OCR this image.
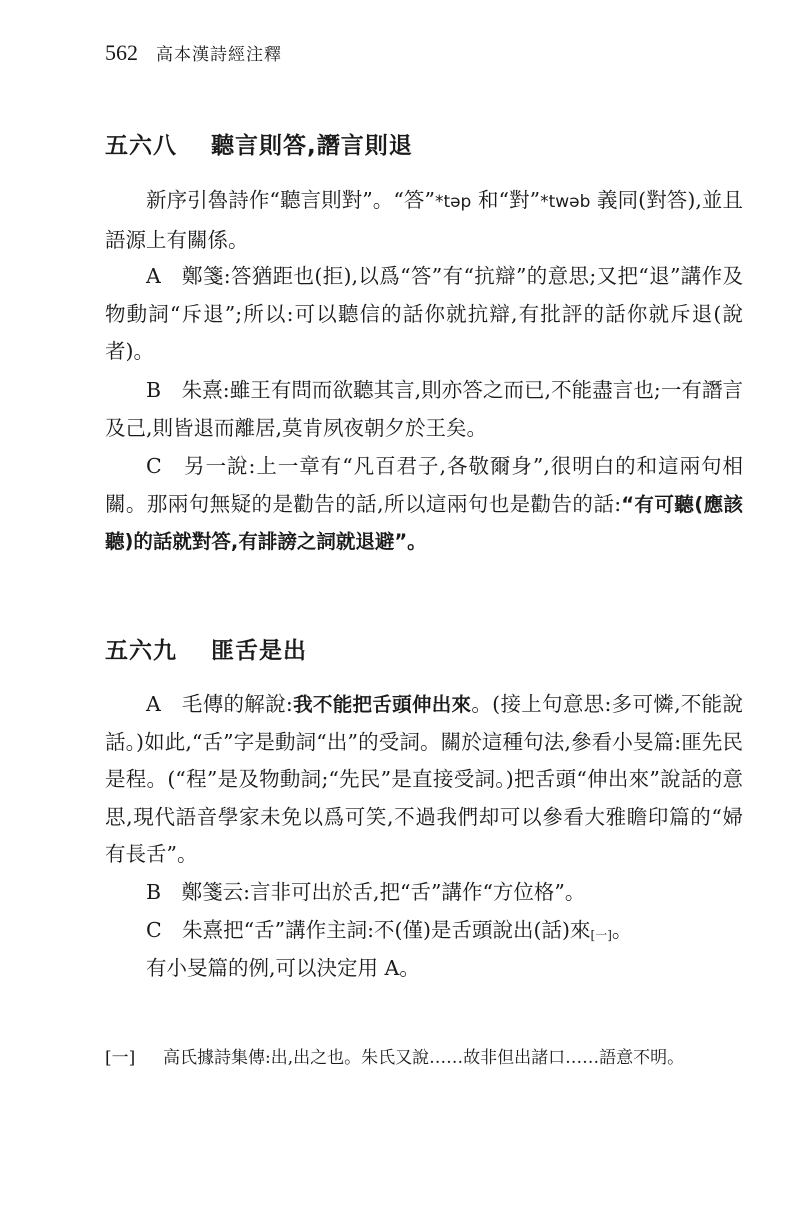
562 高本漢詩經注釋
五六八 聽言則答,譖言則退

新序引魯詩作“聽言則對”。“答”*təp 和“對”*twəb 義同(對答),並且語源上有關係。

A　鄭箋:答猶距也(拒),以爲“答”有“抗辯”的意思;又把“退”講作及物動詞“斥退”;所以:可以聽信的話你就抗辯,有批評的話你就斥退(說者)。

B　朱熹:雖王有問而欲聽其言,則亦答之而已,不能盡言也;一有譖言及己,則皆退而離居,莫肯夙夜朝夕於王矣。

C　另一說:上一章有“凡百君子,各敬爾身”,很明白的和這兩句相關。那兩句無疑的是勸告的話,所以這兩句也是勸告的話:“有可聽(應該聽)的話就對答,有誹謗之詞就退避”。

五六九 匪舌是出

A　毛傳的解說:我不能把舌頭伸出來。(接上句意思:多可憐,不能說話。)如此,“舌”字是動詞“出”的受詞。關於這種句法,參看小旻篇:匪先民是程。(“程”是及物動詞;“先民”是直接受詞。)把舌頭“伸出來”說話的意思,現代語音學家未免以爲可笑,不過我們却可以參看大雅瞻印篇的“婦有長舌”。

B　鄭箋云:言非可出於舌,把“舌”講作“方位格”。

C　朱熹把“舌”講作主詞:不(僅)是舌頭說出(話)來[一]。

有小旻篇的例,可以決定用 A。

[一] 高氏據詩集傳:出,出之也。朱氏又說……故非但出諸口……語意不明。
